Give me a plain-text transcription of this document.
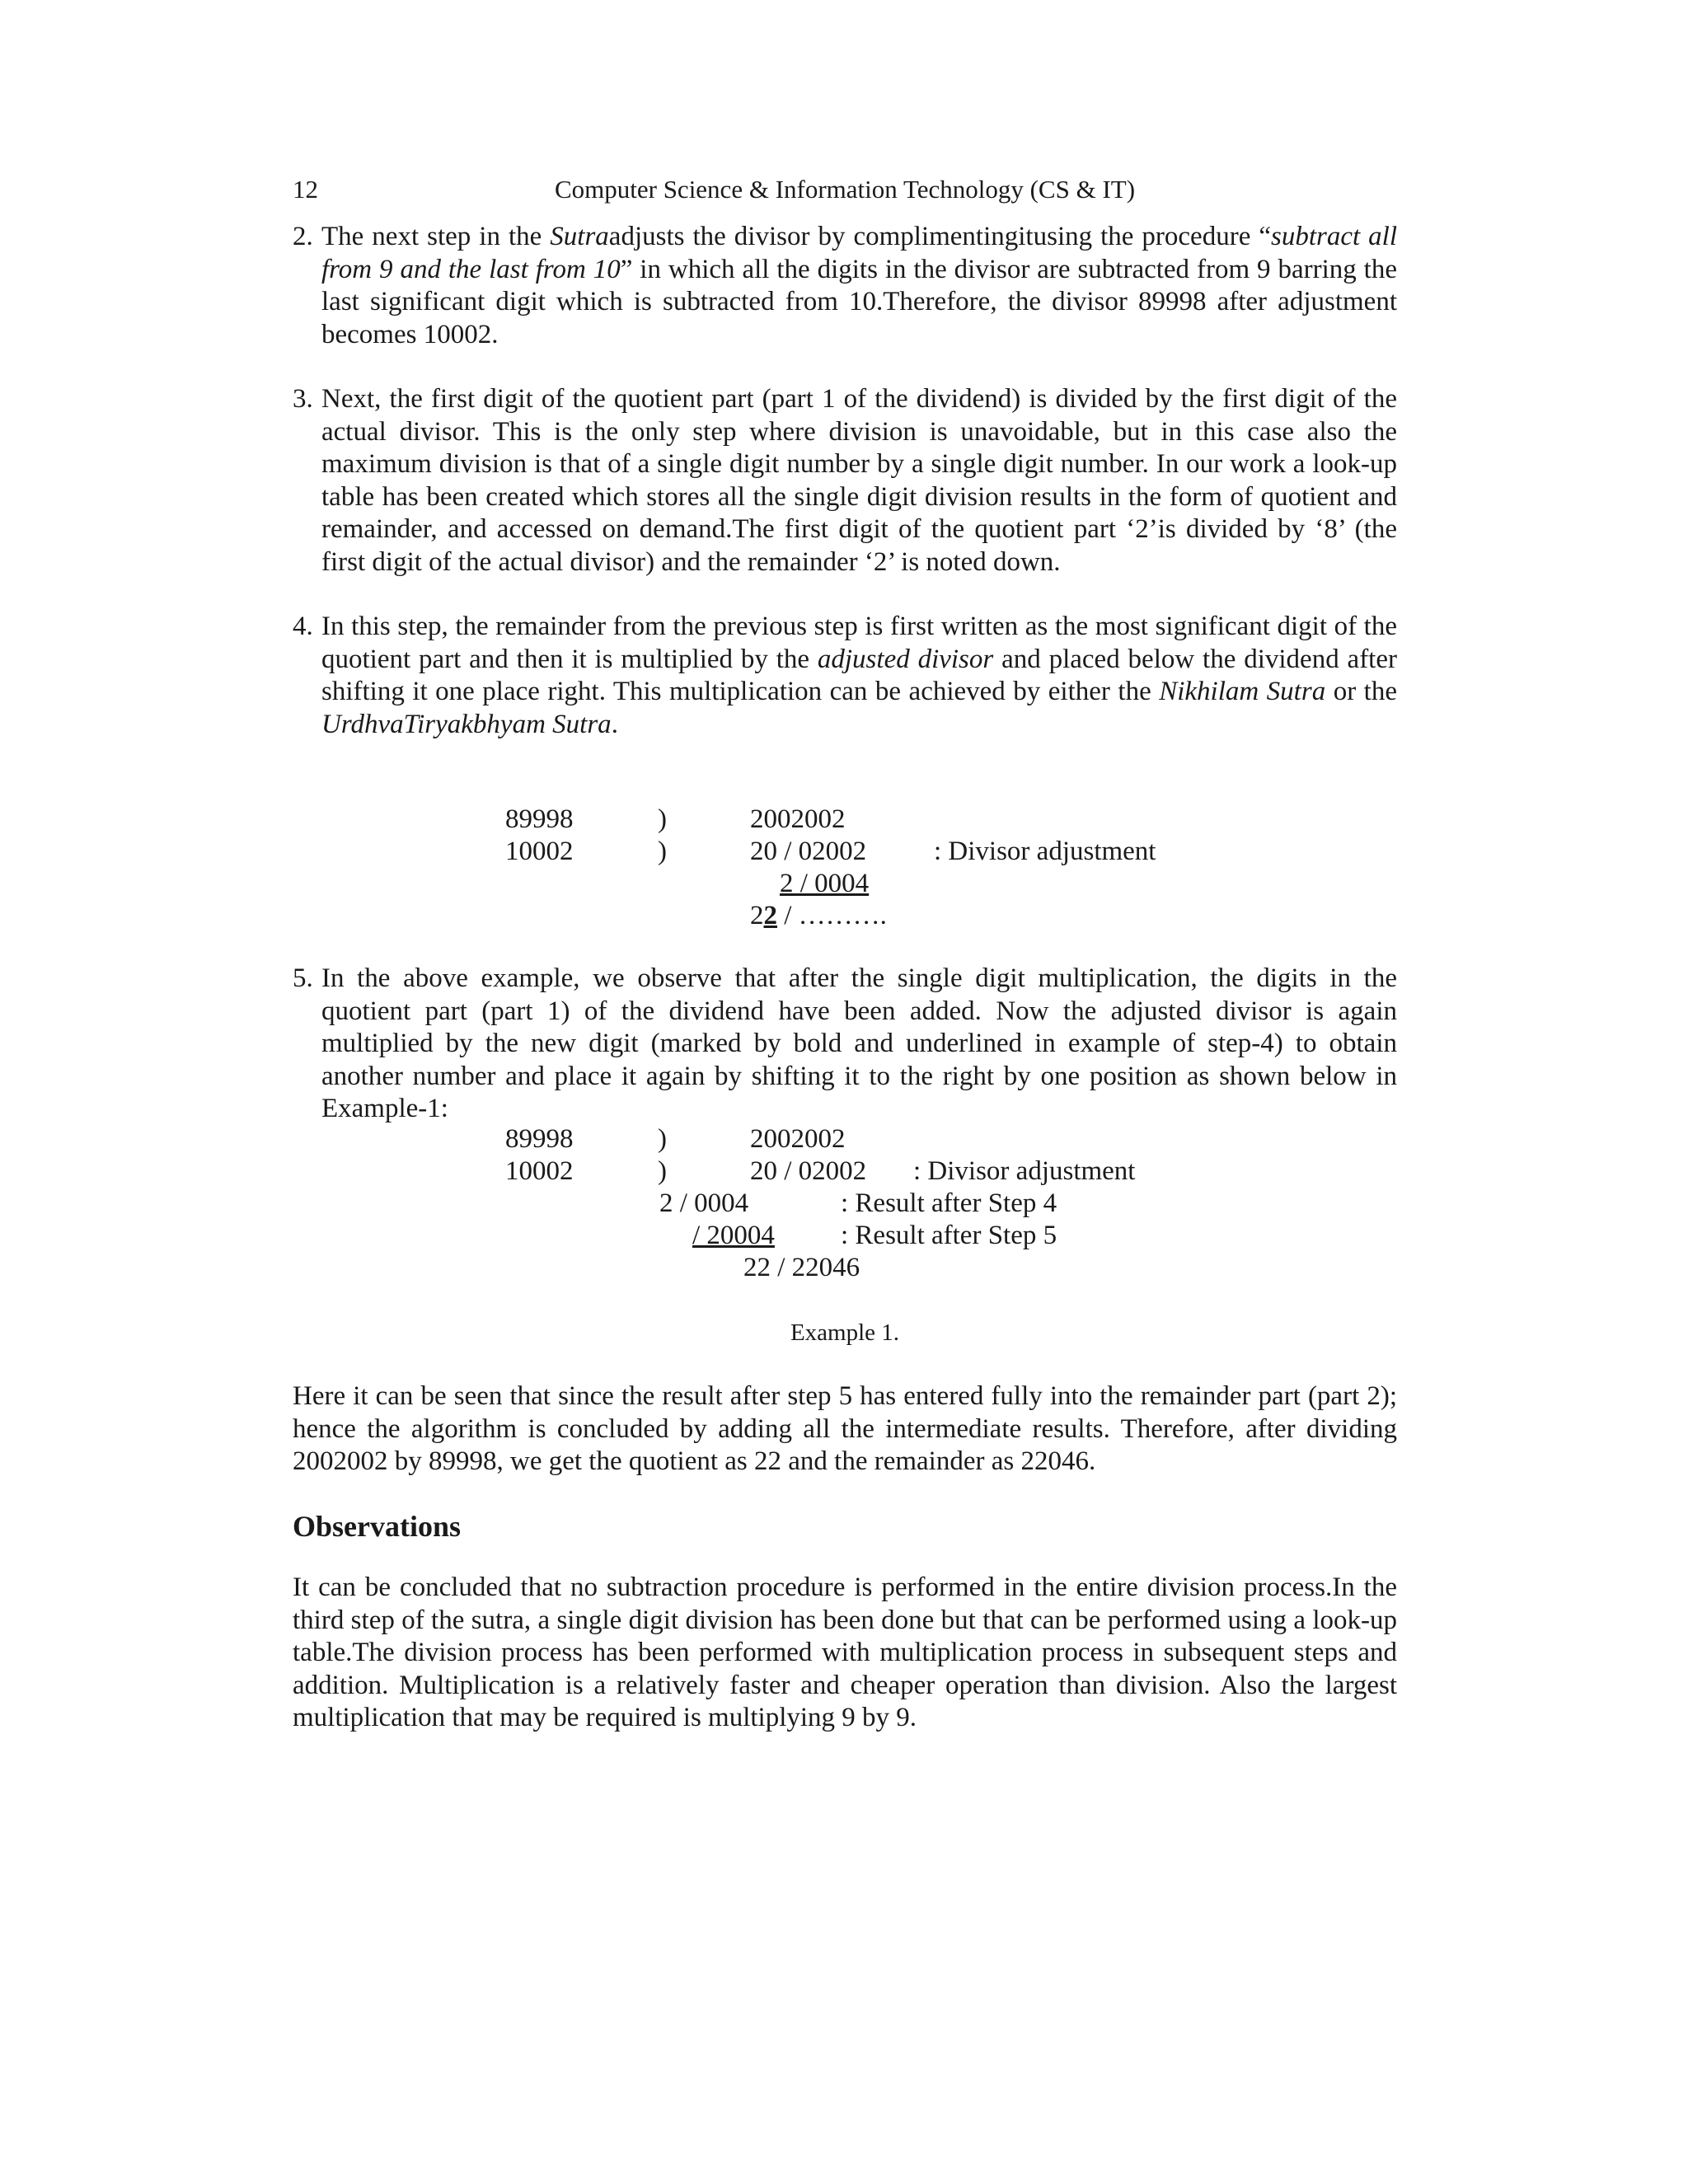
12	Computer Science & Information Technology (CS & IT)
2. The next step in the Sutraadjusts the divisor by complimentingitusing the procedure “subtract all from 9 and the last from 10” in which all the digits in the divisor are subtracted from 9 barring the last significant digit which is subtracted from 10.Therefore, the divisor 89998 after adjustment becomes 10002.
3. Next, the first digit of the quotient part (part 1 of the dividend) is divided by the first digit of the actual divisor. This is the only step where division is unavoidable, but in this case also the maximum division is that of a single digit number by a single digit number. In our work a look-up table has been created which stores all the single digit division results in the form of quotient and remainder, and accessed on demand.The first digit of the quotient part ‘2’is divided by ‘8’ (the first digit of the actual divisor) and the remainder ‘2’ is noted down.
4. In this step, the remainder from the previous step is first written as the most significant digit of the quotient part and then it is multiplied by the adjusted divisor and placed below the dividend after shifting it one place right. This multiplication can be achieved by either the Nikhilam Sutra or the UrdhvaTiryakbhyam Sutra.
89998	)	2002002
10002	)	20 / 02002 : Divisor adjustment
2 / 0004
22 / ……….
5. In the above example, we observe that after the single digit multiplication, the digits in the quotient part (part 1) of the dividend have been added. Now the adjusted divisor is again multiplied by the new digit (marked by bold and underlined in example of step-4) to obtain another number and place it again by shifting it to the right by one position as shown below in Example-1:
89998	)	2002002
10002	)	20 / 02002 : Divisor adjustment
2 / 0004	: Result after Step 4
/ 20004 : Result after Step 5
22 / 22046
Example 1.
Here it can be seen that since the result after step 5 has entered fully into the remainder part (part 2); hence the algorithm is concluded by adding all the intermediate results. Therefore, after dividing 2002002 by 89998, we get the quotient as 22 and the remainder as 22046.
Observations
It can be concluded that no subtraction procedure is performed in the entire division process.In the third step of the sutra, a single digit division has been done but that can be performed using a look-up table.The division process has been performed with multiplication process in subsequent steps and addition. Multiplication is a relatively faster and cheaper operation than division. Also the largest multiplication that may be required is multiplying 9 by 9.
